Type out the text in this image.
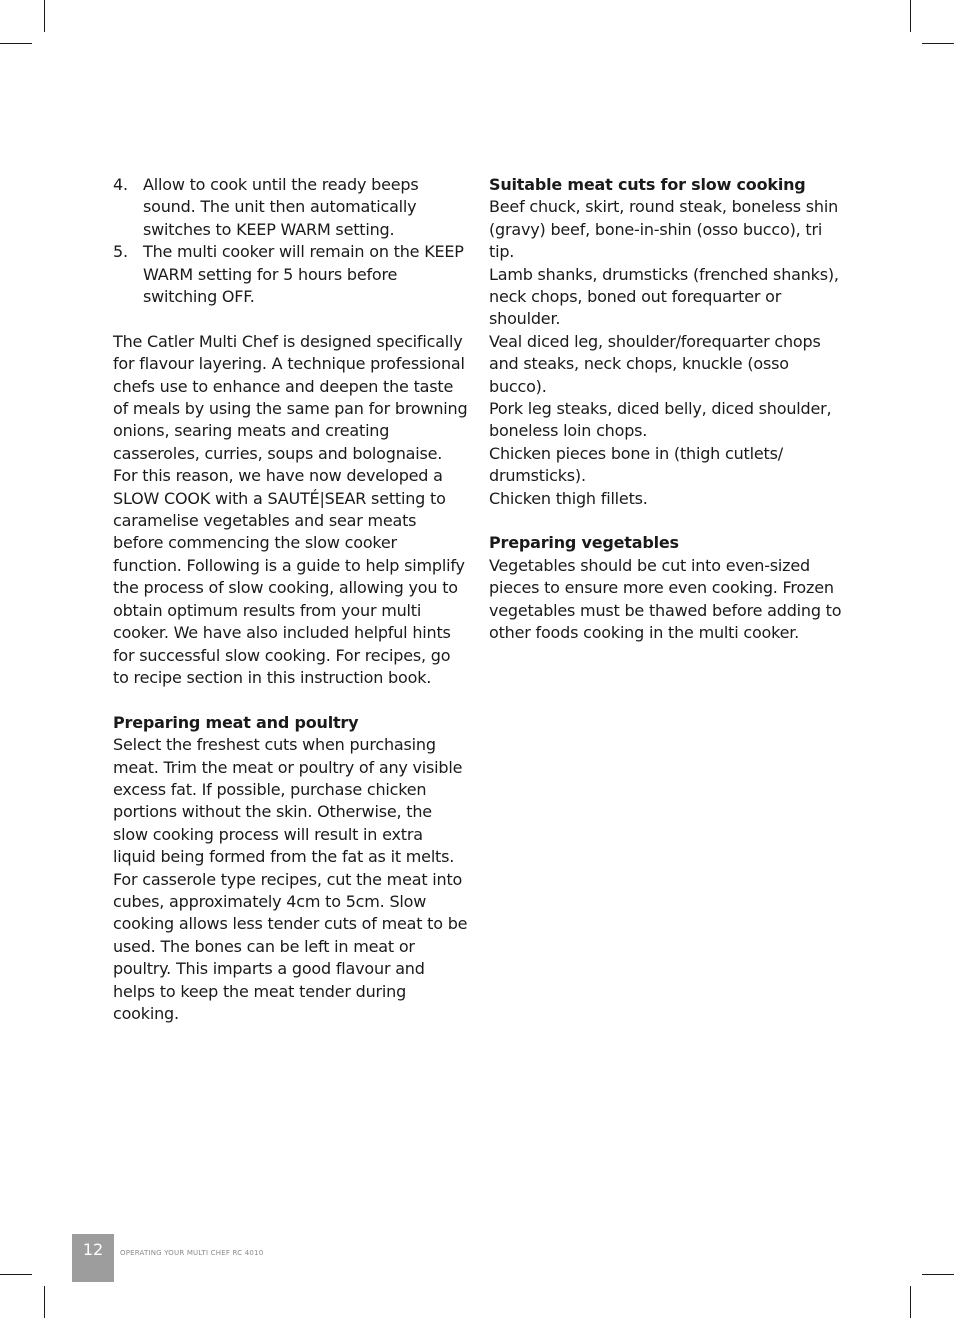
4. Allow to cook until the ready beeps sound. The unit then automatically switches to KEEP WARM setting.
5. The multi cooker will remain on the KEEP WARM setting for 5 hours before switching OFF.

The Catler Multi Chef is designed specifically for flavour layering. A technique professional chefs use to enhance and deepen the taste of meals by using the same pan for browning onions, searing meats and creating casseroles, curries, soups and bolognaise. For this reason, we have now developed a SLOW COOK with a SAUTÉ|SEAR setting to caramelise vegetables and sear meats before commencing the slow cooker function. Following is a guide to help simplify the process of slow cooking, allowing you to obtain optimum results from your multi cooker. We have also included helpful hints for successful slow cooking. For recipes, go to recipe section in this instruction book.

Preparing meat and poultry

Select the freshest cuts when purchasing meat. Trim the meat or poultry of any visible excess fat. If possible, purchase chicken portions without the skin. Otherwise, the slow cooking process will result in extra liquid being formed from the fat as it melts. For casserole type recipes, cut the meat into cubes, approximately 4cm to 5cm. Slow cooking allows less tender cuts of meat to be used. The bones can be left in meat or poultry. This imparts a good flavour and helps to keep the meat tender during cooking.

Suitable meat cuts for slow cooking

Beef chuck, skirt, round steak, boneless shin (gravy) beef, bone-in-shin (osso bucco), tri tip.

Lamb shanks, drumsticks (frenched shanks), neck chops, boned out forequarter or shoulder.

Veal diced leg, shoulder/forequarter chops and steaks, neck chops, knuckle (osso bucco).

Pork leg steaks, diced belly, diced shoulder, boneless loin chops.

Chicken pieces bone in (thigh cutlets/ drumsticks).

Chicken thigh fillets.

Preparing vegetables

Vegetables should be cut into even-sized pieces to ensure more even cooking. Frozen vegetables must be thawed before adding to other foods cooking in the multi cooker.

12 OPERATING YOUR MULTI CHEF RC 4010
